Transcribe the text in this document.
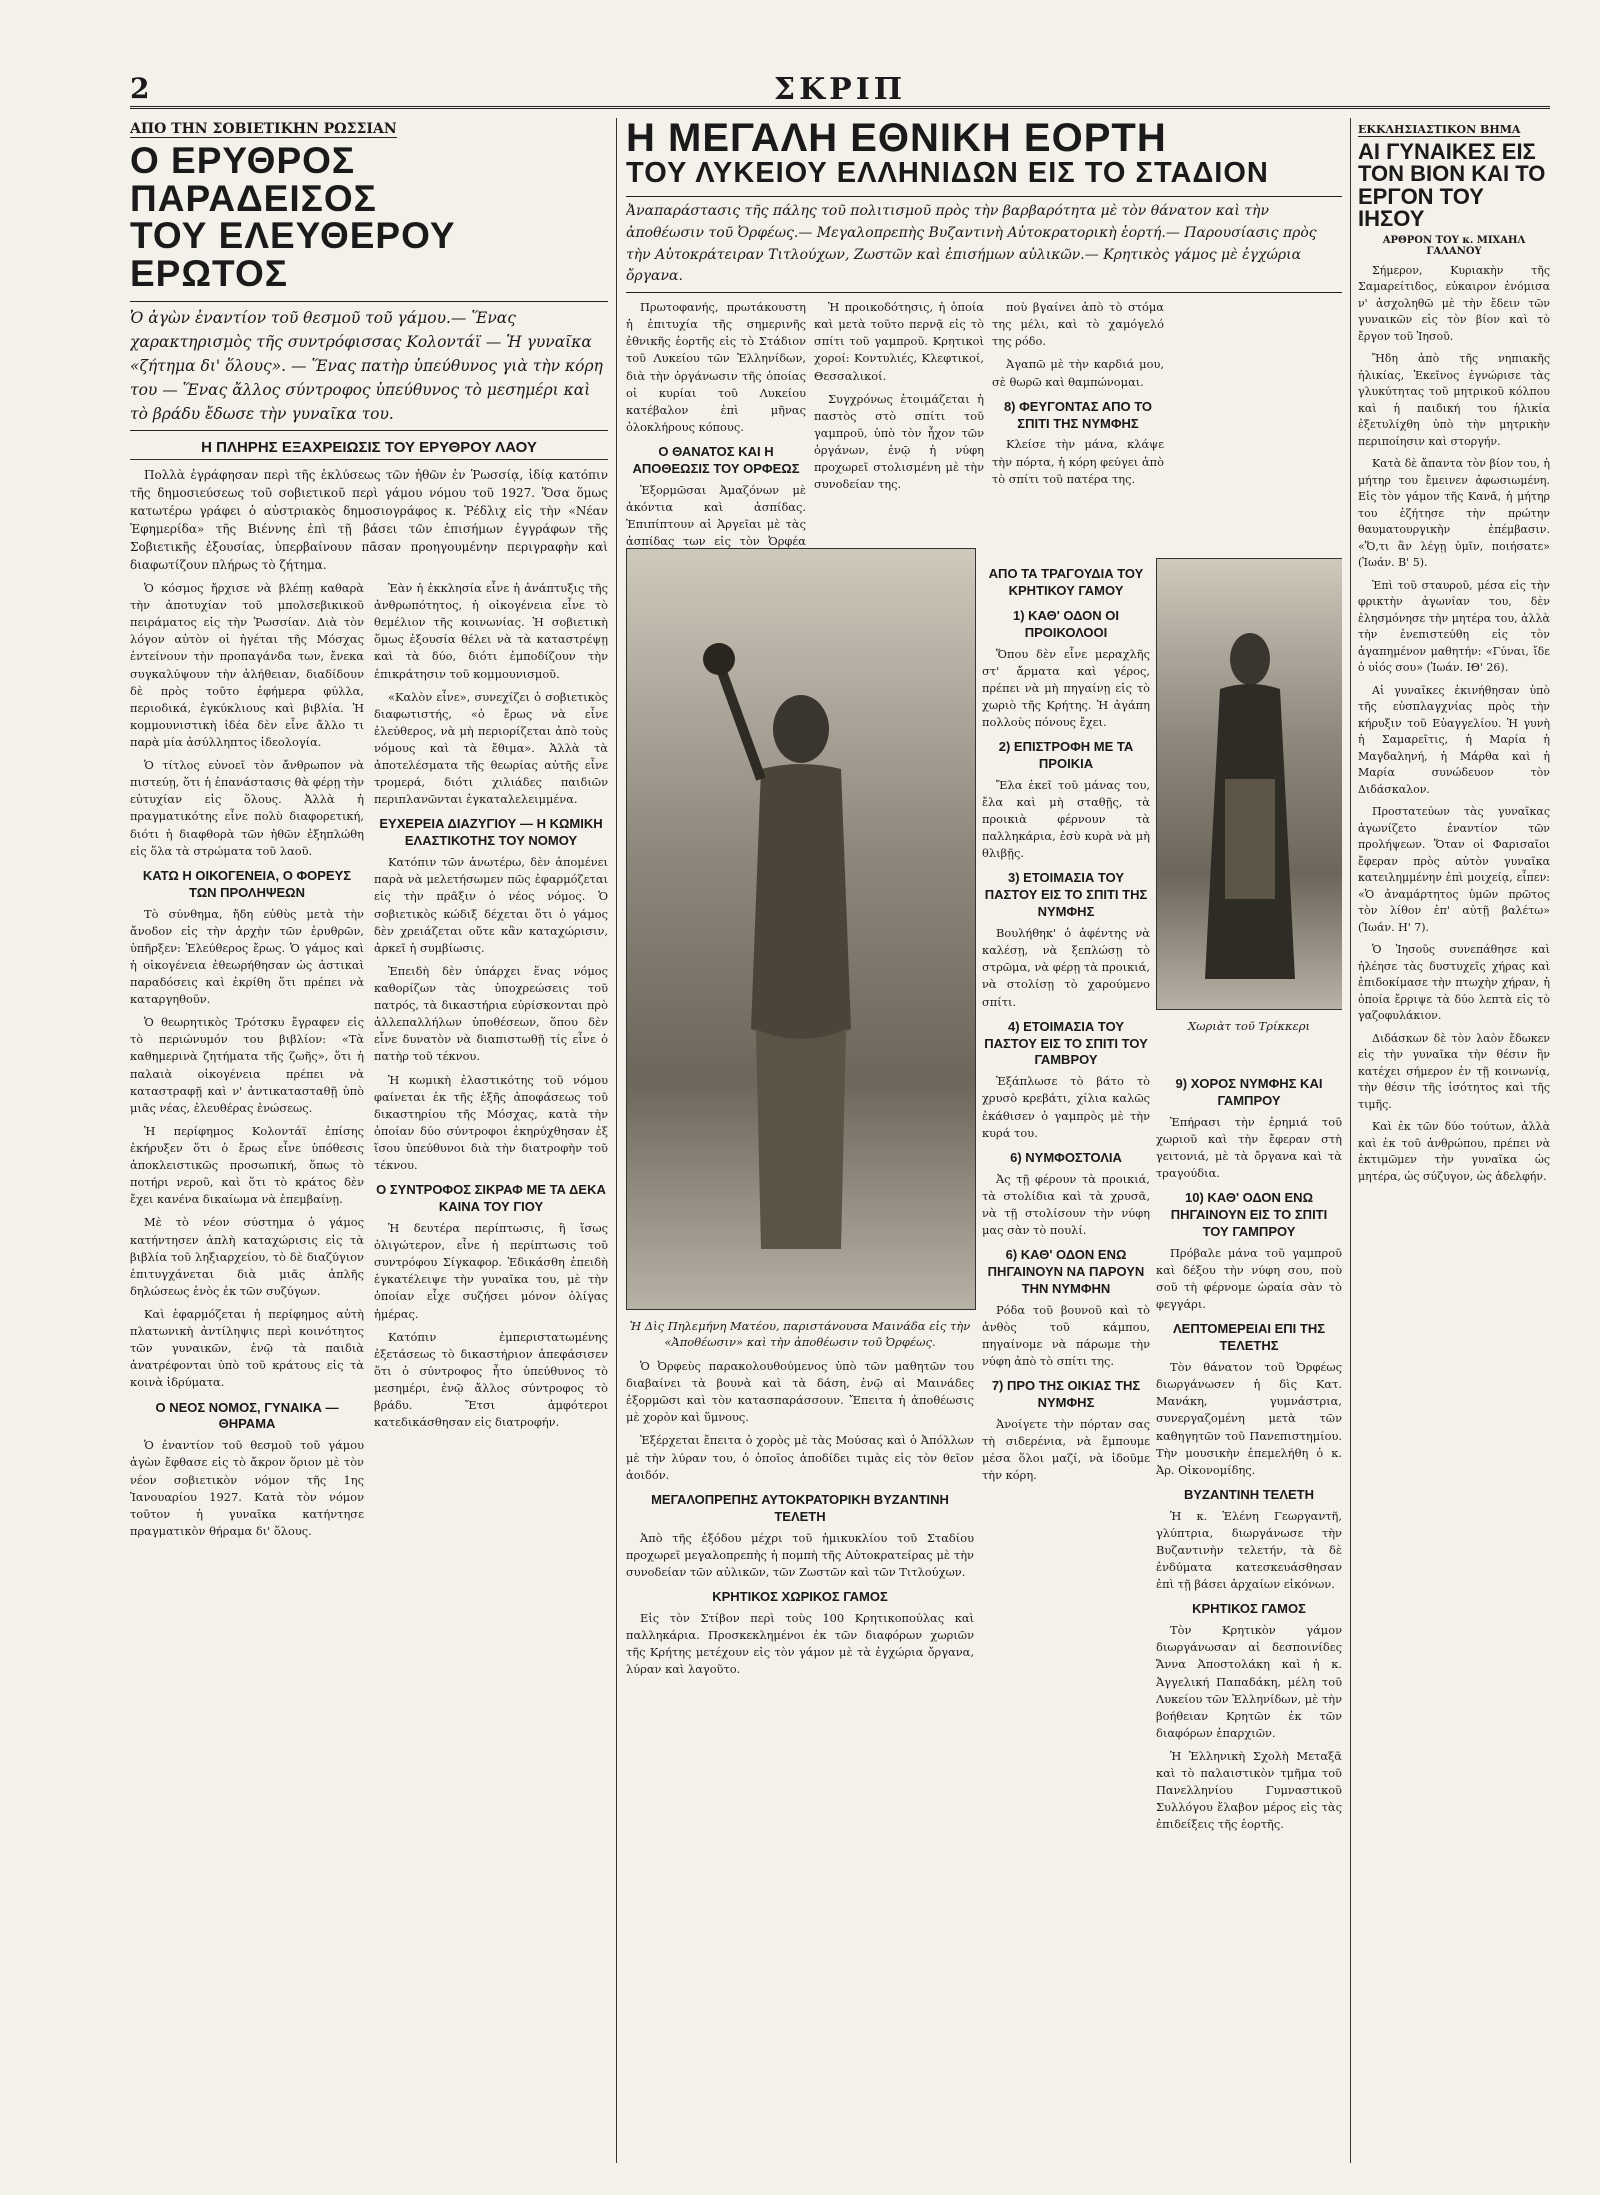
2	ΣΚΡΙΠ
ΑΠΟ ΤΗΝ ΣΟΒΙΕΤΙΚΗΝ ΡΩΣΣΙΑΝ
Ο ΕΡΥΘΡΟΣ ΠΑΡΑΔΕΙΣΟΣ
ΤΟΥ ΕΛΕΥΘΕΡΟΥ ΕΡΩΤΟΣ
Ὁ ἀγὼν ἐναντίον τοῦ θεσμοῦ τοῦ γάμου.— Ἕνας χαρακτηρισμὸς τῆς συντρόφισσας Κολοντάϊ — Ἡ γυναῖκα «ζήτημα δι' ὅλους». — Ἕνας πατὴρ ὑπεύθυνος γιὰ τὴν κόρη του — Ἕνας ἄλλος σύντροφος ὑπεύθυνος τὸ μεσημέρι καὶ τὸ βράδυ ἔδωσε τὴν γυναῖκα του.
Η ΠΛΗΡΗΣ ΕΞΑΧΡΕΙΩΣΙΣ ΤΟΥ ΕΡΥΘΡΟΥ ΛΑΟΥ

Πολλὰ ἐγράφησαν περὶ τῆς ἐκλύσεως τῶν ἠθῶν ἐν Ῥωσσίᾳ, ἰδίᾳ κατόπιν τῆς δημοσιεύσεως τοῦ σοβιετικοῦ περὶ γάμου νόμου τοῦ 1927. Ὅσα ὅμως κατωτέρω γράφει ὁ αὐστριακὸς δημοσιογράφος κ. Ῥέδλιχ εἰς τὴν «Νέαν Ἐφημερίδα» τῆς Βιέννης ἐπὶ τῇ βάσει τῶν ἐπισήμων ἐγγράφων τῆς Σοβιετικῆς ἐξουσίας, ὑπερβαίνουν πᾶσαν προηγουμένην περιγραφὴν καὶ διαφωτίζουν πλήρως τὸ ζήτημα.

Ὁ κόσμος ἤρχισε νὰ βλέπῃ καθαρὰ τὴν ἀποτυχίαν τοῦ μπολσεβικικοῦ πειράματος εἰς τὴν Ῥωσσίαν. Διὰ τὸν λόγον αὐτὸν οἱ ἠγέται τῆς Μόσχας ἐντείνουν τὴν προπαγάνδα των, ἔνεκα συγκαλύψουν τὴν ἀλήθειαν, διαδίδουν δὲ πρὸς τοῦτο ἐφήμερα φύλλα, περιοδικά, ἐγκύκλιους καὶ βιβλία. Ἡ κομμουνιστικὴ ἰδέα δὲν εἶνε ἄλλο τι παρὰ μία ἀσύλληπτος ἰδεολογία.

Ὁ τίτλος εὐνοεῖ τὸν ἄνθρωπον νὰ πιστεύῃ, ὅτι ἡ ἐπανάστασις θὰ φέρῃ τὴν εὐτυχίαν εἰς ὅλους. Ἀλλὰ ἡ πραγματικότης εἶνε πολὺ διαφορετική, διότι ἡ διαφθορὰ τῶν ἠθῶν ἐξηπλώθη εἰς ὅλα τὰ στρώματα τοῦ λαοῦ.

ΚΑΤΩ Η ΟΙΚΟΓΕΝΕΙΑ, Ο ΦΟΡΕΥΣ ΤΩΝ ΠΡΟΛΗΨΕΩΝ

Τὸ σύνθημα, ἤδη εὐθὺς μετὰ τὴν ἄνοδον εἰς τὴν ἀρχὴν τῶν ἐρυθρῶν, ὑπῆρξεν: Ἐλεύθερος ἔρως. Ὁ γάμος καὶ ἡ οἰκογένεια ἐθεωρήθησαν ὡς ἀστικαὶ παραδόσεις καὶ ἐκρίθη ὅτι πρέπει νὰ καταργηθοῦν.

Ὁ θεωρητικὸς Τρότσκυ ἔγραφεν εἰς τὸ περιώνυμόν του βιβλίον: «Τὰ καθημερινὰ ζητήματα τῆς ζωῆς», ὅτι ἡ παλαιὰ οἰκογένεια πρέπει νὰ καταστραφῇ καὶ ν' ἀντικατασταθῇ ὑπὸ μιᾶς νέας, ἐλευθέρας ἐνώσεως.

Ἡ περίφημος Κολοντάϊ ἐπίσης ἐκήρυξεν ὅτι ὁ ἔρως εἶνε ὑπόθεσις ἀποκλειστικῶς προσωπική, ὅπως τὸ ποτήρι νεροῦ, καὶ ὅτι τὸ κράτος δὲν ἔχει κανένα δικαίωμα νὰ ἐπεμβαίνῃ.

Μὲ τὸ νέον σύστημα ὁ γάμος κατήντησεν ἁπλὴ καταχώρισις εἰς τὰ βιβλία τοῦ ληξιαρχείου, τὸ δὲ διαζύγιον ἐπιτυγχάνεται διὰ μιᾶς ἁπλῆς δηλώσεως ἑνὸς ἐκ τῶν συζύγων.

Καὶ ἐφαρμόζεται ἡ περίφημος αὐτὴ πλατωνικὴ ἀντίληψις περὶ κοινότητος τῶν γυναικῶν, ἐνῷ τὰ παιδιὰ ἀνατρέφονται ὑπὸ τοῦ κράτους εἰς τὰ κοινὰ ἱδρύματα.

Ο ΝΕΟΣ ΝΟΜΟΣ, ΓΥΝΑΙΚΑ — ΘΗΡΑΜΑ

Ὁ ἐναντίον τοῦ θεσμοῦ τοῦ γάμου ἀγὼν ἔφθασε εἰς τὸ ἄκρον ὅριον μὲ τὸν νέον σοβιετικὸν νόμον τῆς 1ης Ἰανουαρίου 1927. Κατὰ τὸν νόμον τοῦτον ἡ γυναῖκα κατήντησε πραγματικὸν θήραμα δι' ὅλους.

Ἐὰν ἡ ἐκκλησία εἶνε ἡ ἀνάπτυξις τῆς ἀνθρωπότητος, ἡ οἰκογένεια εἶνε τὸ θεμέλιον τῆς κοινωνίας. Ἡ σοβιετικὴ ὅμως ἐξουσία θέλει νὰ τὰ καταστρέψῃ καὶ τὰ δύο, διότι ἐμποδίζουν τὴν ἐπικράτησιν τοῦ κομμουνισμοῦ.

«Καλὸν εἶνε», συνεχίζει ὁ σοβιετικὸς διαφωτιστής, «ὁ ἔρως νὰ εἶνε ἐλεύθερος, νὰ μὴ περιορίζεται ἀπὸ τοὺς νόμους καὶ τὰ ἔθιμα». Ἀλλὰ τὰ ἀποτελέσματα τῆς θεωρίας αὐτῆς εἶνε τρομερά, διότι χιλιάδες παιδιῶν περιπλανῶνται ἐγκαταλελειμμένα.

ΕΥΧΕΡΕΙΑ ΔΙΑΖΥΓΙΟΥ — Η ΚΩΜΙΚΗ ΕΛΑΣΤΙΚΟΤΗΣ ΤΟΥ ΝΟΜΟΥ

Κατόπιν τῶν ἀνωτέρω, δὲν ἀπομένει παρὰ νὰ μελετήσωμεν πῶς ἐφαρμόζεται εἰς τὴν πρᾶξιν ὁ νέος νόμος. Ὁ σοβιετικὸς κώδιξ δέχεται ὅτι ὁ γάμος δὲν χρειάζεται οὔτε κἂν καταχώρισιν, ἀρκεῖ ἡ συμβίωσις.

Ἐπειδὴ δὲν ὑπάρχει ἕνας νόμος καθορίζων τὰς ὑποχρεώσεις τοῦ πατρός, τὰ δικαστήρια εὑρίσκονται πρὸ ἀλλεπαλλήλων ὑποθέσεων, ὅπου δὲν εἶνε δυνατὸν νὰ διαπιστωθῇ τίς εἶνε ὁ πατὴρ τοῦ τέκνου.

Ἡ κωμικὴ ἐλαστικότης τοῦ νόμου φαίνεται ἐκ τῆς ἑξῆς ἀποφάσεως τοῦ δικαστηρίου τῆς Μόσχας, κατὰ τὴν ὁποίαν δύο σύντροφοι ἐκηρύχθησαν ἐξ ἴσου ὑπεύθυνοι διὰ τὴν διατροφὴν τοῦ τέκνου.

Ο ΣΥΝΤΡΟΦΟΣ ΣΙΚΡΑΦ ΜΕ ΤΑ ΔΕΚΑ ΚΑΙΝΑ ΤΟΥ ΓΙΟΥ

Ἡ δευτέρα περίπτωσις, ἣ ἴσως ὁλιγώτερον, εἶνε ἡ περίπτωσις τοῦ συντρόφου Σίγκαφορ. Ἐδικάσθη ἐπειδὴ ἐγκατέλειψε τὴν γυναῖκα του, μὲ τὴν ὁποίαν εἶχε συζήσει μόνον ὀλίγας ἡμέρας.

Κατόπιν ἐμπεριστατωμένης ἐξετάσεως τὸ δικαστήριον ἀπεφάσισεν ὅτι ὁ σύντροφος ἦτο ὑπεύθυνος τὸ μεσημέρι, ἐνῷ ἄλλος σύντροφος τὸ βράδυ. Ἔτσι ἀμφότεροι κατεδικάσθησαν εἰς διατροφήν.

Η ΜΕΓΑΛΗ ΕΘΝΙΚΗ ΕΟΡΤΗ
ΤΟΥ ΛΥΚΕΙΟΥ ΕΛΛΗΝΙΔΩΝ ΕΙΣ ΤΟ ΣΤΑΔΙΟΝ
Ἀναπαράστασις τῆς πάλης τοῦ πολιτισμοῦ πρὸς τὴν βαρβαρότητα μὲ τὸν θάνατον καὶ τὴν ἀποθέωσιν τοῦ Ὀρφέως.— Μεγαλοπρεπὴς Βυζαντινὴ Αὐτοκρατορικὴ ἑορτή.— Παρουσίασις πρὸς τὴν Αὐτοκράτειραν Τιτλούχων, Ζωστῶν καὶ ἐπισήμων αὐλικῶν.— Κρητικὸς γάμος μὲ ἐγχώρια ὄργανα.

Πρωτοφανής, πρωτάκουστη ἡ ἐπιτυχία τῆς σημερινῆς ἐθνικῆς ἑορτῆς εἰς τὸ Στάδιον τοῦ Λυκείου τῶν Ἑλληνίδων, διὰ τὴν ὀργάνωσιν τῆς ὁποίας οἱ κυρίαι τοῦ Λυκείου κατέβαλον ἐπὶ μῆνας ὁλοκλήρους κόπους.

Ο ΘΑΝΑΤΟΣ ΚΑΙ Η ΑΠΟΘΕΩΣΙΣ ΤΟΥ ΟΡΦΕΩΣ

Ἐξορμῶσαι Ἀμαζόνων μὲ ἀκόντια καὶ ἀσπίδας. Ἐπιπίπτουν αἱ Ἀργεῖαι μὲ τὰς ἀσπίδας των εἰς τὸν Ὀρφέα

Ἡ προικοδότησις, ἡ ὁποία καὶ μετὰ τοῦτο περνᾷ εἰς τὸ σπίτι τοῦ γαμπροῦ. Κρητικοὶ χοροί: Κοντυλιές, Κλεφτικοί, Θεσσαλικοί.

Συγχρόνως ἑτοιμάζεται ἡ παστὸς στὸ σπίτι τοῦ γαμπροῦ, ὑπὸ τὸν ἦχον τῶν ὀργάνων, ἐνῷ ἡ νύφη προχωρεῖ στολισμένη μὲ τὴν συνοδείαν της.

ποὺ βγαίνει ἀπὸ τὸ στόμα της μέλι, καὶ τὸ χαμόγελό της ρόδο.

Ἀγαπῶ μὲ τὴν καρδιά μου, σὲ θωρῶ καὶ θαμπώνομαι.

8) ΦΕΥΓΟΝΤΑΣ ΑΠΟ ΤΟ ΣΠΙΤΙ ΤΗΣ ΝΥΜΦΗΣ

Κλείσε τὴν μάνα, κλάψε τὴν πόρτα, ἡ κόρη φεύγει ἀπὸ τὸ σπίτι τοῦ πατέρα της.

Ἡ Δὶς Πηλεμήνη Ματέου, παριστάνουσα Μαινάδα εἰς τὴν «Ἀποθέωσιν» καὶ τὴν ἀποθέωσιν τοῦ Ὀρφέως.
Χωριὰτ τοῦ Τρίκκερι

Ὁ Ὀρφεὺς παρακολουθούμενος ὑπὸ τῶν μαθητῶν του διαβαίνει τὰ βουνὰ καὶ τὰ δάση, ἐνῷ αἱ Μαινάδες ἐξορμῶσι καὶ τὸν κατασπαράσσουν. Ἔπειτα ἡ ἀποθέωσις μὲ χορὸν καὶ ὕμνους.

Ἐξέρχεται ἔπειτα ὁ χορὸς μὲ τὰς Μούσας καὶ ὁ Ἀπόλλων μὲ τὴν λύραν του, ὁ ὁποῖος ἀποδίδει τιμὰς εἰς τὸν θεῖον ἀοιδόν.

ΜΕΓΑΛΟΠΡΕΠΗΣ ΑΥΤΟΚΡΑΤΟΡΙΚΗ ΒΥΖΑΝΤΙΝΗ ΤΕΛΕΤΗ

Ἀπὸ τῆς ἐξόδου μέχρι τοῦ ἡμικυκλίου τοῦ Σταδίου προχωρεῖ μεγαλοπρεπὴς ἡ πομπὴ τῆς Αὐτοκρατείρας μὲ τὴν συνοδείαν τῶν αὐλικῶν, τῶν Ζωστῶν καὶ τῶν Τιτλούχων.

ΚΡΗΤΙΚΟΣ ΧΩΡΙΚΟΣ ΓΑΜΟΣ

Εἰς τὸν Στίβον περὶ τοὺς 100 Κρητικοπούλας καὶ παλληκάρια. Προσκεκλημένοι ἐκ τῶν διαφόρων χωριῶν τῆς Κρήτης μετέχουν εἰς τὸν γάμον μὲ τὰ ἐγχώρια ὄργανα, λύραν καὶ λαγοῦτο.

ΑΠΟ ΤΑ ΤΡΑΓΟΥΔΙΑ ΤΟΥ ΚΡΗΤΙΚΟΥ ΓΑΜΟΥ
1) ΚΑΘ' ΟΔΟΝ ΟΙ ΠΡΟΙΚΟΛΟΟΙ

Ὅπου δὲν εἶνε μεραχλῆς στ' ἄρματα καὶ γέρος, πρέπει νὰ μὴ πηγαίνῃ εἰς τὸ χωριὸ τῆς Κρήτης. Ἡ ἀγάπη πολλοὺς πόνους ἔχει.

2) ΕΠΙΣΤΡΟΦΗ ΜΕ ΤΑ ΠΡΟΙΚΙΑ

Ἔλα ἐκεῖ τοῦ μάνας του, ἔλα καὶ μὴ σταθῇς, τὰ προικιὰ φέρνουν τὰ παλληκάρια, ἐσὺ κυρὰ νὰ μὴ θλιβῇς.

3) ΕΤΟΙΜΑΣΙΑ ΤΟΥ ΠΑΣΤΟΥ ΕΙΣ ΤΟ ΣΠΙΤΙ ΤΗΣ ΝΥΜΦΗΣ

Βουλήθηκ' ὁ ἀφέντης νὰ καλέσῃ, νὰ ξεπλώσῃ τὸ στρῶμα, νὰ φέρῃ τὰ προικιά, νὰ στολίσῃ τὸ χαρούμενο σπίτι.

4) ΕΤΟΙΜΑΣΙΑ ΤΟΥ ΠΑΣΤΟΥ ΕΙΣ ΤΟ ΣΠΙΤΙ ΤΟΥ ΓΑΜΒΡΟΥ

Ἐξάπλωσε τὸ βάτο τὸ χρυσὸ κρεβάτι, χίλια καλῶς ἐκάθισεν ὁ γαμπρὸς μὲ τὴν κυρά του.

6) ΝΥΜΦΟΣΤΟΛΙΑ

Ἀς τῇ φέρουν τὰ προικιά, τὰ στολίδια καὶ τὰ χρυσᾶ, νὰ τῇ στολίσουν τὴν νύφη μας σὰν τὸ πουλί.

6) ΚΑΘ' ΟΔΟΝ ΕΝΩ ΠΗΓΑΙΝΟΥΝ ΝΑ ΠΑΡΟΥΝ ΤΗΝ ΝΥΜΦΗΝ

Ρόδα τοῦ βουνοῦ καὶ τὸ ἀνθὸς τοῦ κάμπου, πηγαίνομε νὰ πάρωμε τὴν νύφη ἀπὸ τὸ σπίτι της.

7) ΠΡΟ ΤΗΣ ΟΙΚΙΑΣ ΤΗΣ ΝΥΜΦΗΣ

Ἀνοίγετε τὴν πόρταν σας τὴ σιδερένια, νὰ ἔμπουμε μέσα ὅλοι μαζί, νὰ ἰδοῦμε τὴν κόρη.

9) ΧΟΡΟΣ ΝΥΜΦΗΣ ΚΑΙ ΓΑΜΠΡΟΥ

Ἐπήρασι τὴν ἐρημιά τοῦ χωριοῦ καὶ τὴν ἔφεραν στὴ γειτονιά, μὲ τὰ ὄργανα καὶ τὰ τραγούδια.

10) ΚΑΘ' ΟΔΟΝ ΕΝΩ ΠΗΓΑΙΝΟΥΝ ΕΙΣ ΤΟ ΣΠΙΤΙ ΤΟΥ ΓΑΜΠΡΟΥ

Πρόβαλε μάνα τοῦ γαμπροῦ καὶ δέξου τὴν νύφη σου, ποὺ σοῦ τὴ φέρνομε ὡραία σὰν τὸ φεγγάρι.

ΛΕΠΤΟΜΕΡΕΙΑΙ ΕΠΙ ΤΗΣ ΤΕΛΕΤΗΣ

Τὸν θάνατον τοῦ Ὀρφέως διωργάνωσεν ἡ δὶς Κατ. Μανάκη, γυμνάστρια, συνεργαζομένη μετὰ τῶν καθηγητῶν τοῦ Πανεπιστημίου. Τὴν μουσικὴν ἐπεμελήθη ὁ κ. Ἀρ. Οἰκονομίδης.

ΒΥΖΑΝΤΙΝΗ ΤΕΛΕΤΗ

Ἡ κ. Ἑλένη Γεωργαντῆ, γλύπτρια, διωργάνωσε τὴν Βυζαντινὴν τελετήν, τὰ δὲ ἐνδύματα κατεσκευάσθησαν ἐπὶ τῇ βάσει ἀρχαίων εἰκόνων.

ΚΡΗΤΙΚΟΣ ΓΑΜΟΣ

Τὸν Κρητικὸν γάμον διωργάνωσαν αἱ δεσποινίδες Ἄννα Ἀποστολάκη καὶ ἡ κ. Ἀγγελική Παπαδάκη, μέλη τοῦ Λυκείου τῶν Ἑλληνίδων, μὲ τὴν βοήθειαν Κρητῶν ἐκ τῶν διαφόρων ἐπαρχιῶν.

Ἡ Ἑλληνικὴ Σχολὴ Μεταξᾶ καὶ τὸ παλαιστικὸν τμῆμα τοῦ Πανελληνίου Γυμναστικοῦ Συλλόγου ἔλαβον μέρος εἰς τὰς ἐπιδείξεις τῆς ἑορτῆς.

ΕΚΚΛΗΣΙΑΣΤΙΚΟΝ ΒΗΜΑ
ΑΙ ΓΥΝΑΙΚΕΣ ΕΙΣ ΤΟΝ ΒΙΟΝ ΚΑΙ ΤΟ ΕΡΓΟΝ ΤΟΥ ΙΗΣΟΥ
ΑΡΘΡΟΝ ΤΟΥ κ. ΜΙΧΑΗΛ ΓΑΛΑΝΟΥ

Σήμερον, Κυριακὴν τῆς Σαμαρείτιδος, εὐκαιρον ἐνόμισα ν' ἀσχοληθῶ μὲ τὴν ἔδειν τῶν γυναικῶν εἰς τὸν βίον καὶ τὸ ἔργον τοῦ Ἰησοῦ.

Ἤδη ἀπὸ τῆς νηπιακῆς ἡλικίας, Ἐκεῖνος ἐγνώρισε τὰς γλυκύτητας τοῦ μητρικοῦ κόλπου καὶ ἡ παιδική του ἡλικία ἐξετυλίχθη ὑπὸ τὴν μητρικὴν περιποίησιν καὶ στοργήν.

Κατὰ δὲ ἄπαντα τὸν βίον του, ἡ μήτηρ του ἔμεινεν ἀφωσιωμένη. Εἰς τὸν γάμον τῆς Κανᾶ, ἡ μήτηρ του ἐζήτησε τὴν πρώτην θαυματουργικὴν ἐπέμβασιν. «Ὅ,τι ἂν λέγῃ ὑμῖν, ποιήσατε» (Ἰωάν. Β' 5).

Ἐπὶ τοῦ σταυροῦ, μέσα εἰς τὴν φρικτὴν ἀγωνίαν του, δὲν ἐλησμόνησε τὴν μητέρα του, ἀλλὰ τὴν ἐνεπιστεύθη εἰς τὸν ἀγαπημένον μαθητήν: «Γύναι, ἴδε ὁ υἱός σου» (Ἰωάν. ΙΘ' 26).

Αἱ γυναῖκες ἐκινήθησαν ὑπὸ τῆς εὐσπλαγχνίας πρὸς τὴν κήρυξιν τοῦ Εὐαγγελίου. Ἡ γυνὴ ἡ Σαμαρεῖτις, ἡ Μαρία ἡ Μαγδαληνή, ἡ Μάρθα καὶ ἡ Μαρία συνώδευον τὸν Διδάσκαλον.

Προστατεύων τὰς γυναῖκας ἀγωνίζετο ἐναντίον τῶν προλήψεων. Ὅταν οἱ Φαρισαῖοι ἔφεραν πρὸς αὐτὸν γυναῖκα κατειλημμένην ἐπὶ μοιχείᾳ, εἶπεν: «Ὁ ἀναμάρτητος ὑμῶν πρῶτος τὸν λίθον ἐπ' αὐτῇ βαλέτω» (Ἰωάν. Η' 7).

Ὁ Ἰησοῦς συνεπάθησε καὶ ἠλέησε τὰς δυστυχεῖς χήρας καὶ ἐπιδοκίμασε τὴν πτωχὴν χήραν, ἡ ὁποία ἔρριψε τὰ δύο λεπτὰ εἰς τὸ γαζοφυλάκιον.

Διδάσκων δὲ τὸν λαὸν ἔδωκεν εἰς τὴν γυναῖκα τὴν θέσιν ἣν κατέχει σήμερον ἐν τῇ κοινωνίᾳ, τὴν θέσιν τῆς ἰσότητος καὶ τῆς τιμῆς.

Καὶ ἐκ τῶν δύο τούτων, ἀλλὰ καὶ ἐκ τοῦ ἀνθρώπου, πρέπει νὰ ἐκτιμῶμεν τὴν γυναῖκα ὡς μητέρα, ὡς σύζυγον, ὡς ἀδελφήν.
